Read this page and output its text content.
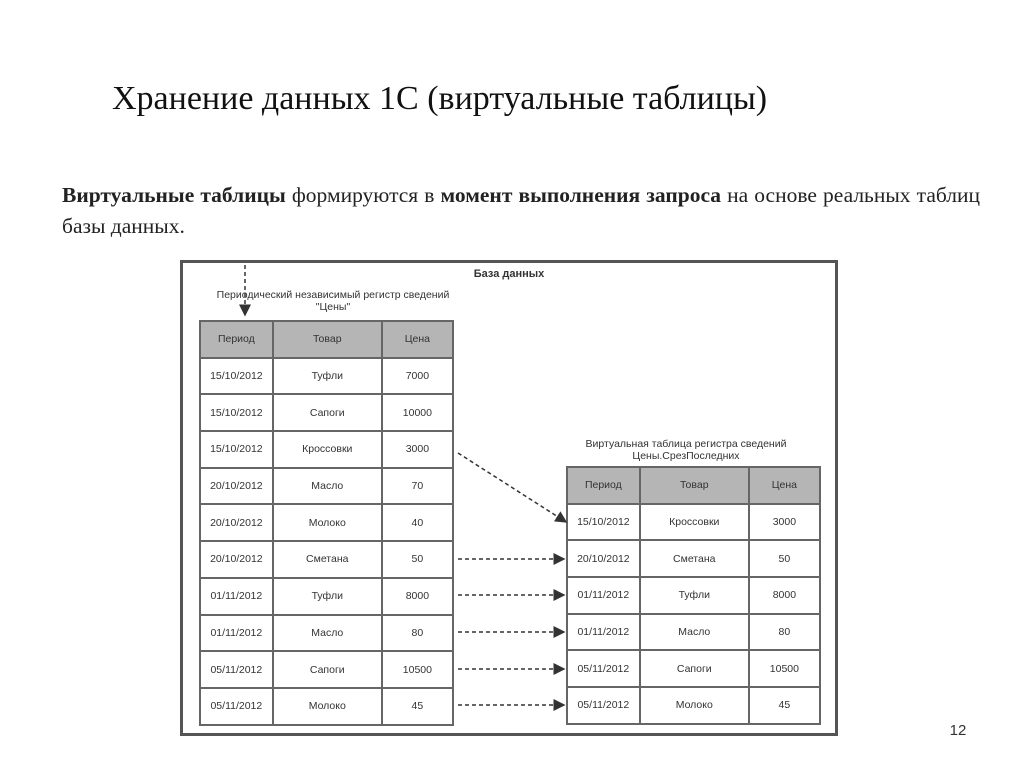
Хранение данных 1С (виртуальные таблицы)
Виртуальные таблицы формируются в момент выполнения запроса на основе реальных таблиц базы данных.
База данных
Периодический независимый регистр сведений
"Цены"
Виртуальная таблица регистра сведений
Цены.СрезПоследних
Период	Товар	Цена
15/10/2012	Туфли	7000
15/10/2012	Сапоги	10000
15/10/2012	Кроссовки	3000
20/10/2012	Масло	70
20/10/2012	Молоко	40
20/10/2012	Сметана	50
01/11/2012	Туфли	8000
01/11/2012	Масло	80
05/11/2012	Сапоги	10500
05/11/2012	Молоко	45
Период	Товар	Цена
15/10/2012	Кроссовки	3000
20/10/2012	Сметана	50
01/11/2012	Туфли	8000
01/11/2012	Масло	80
05/11/2012	Сапоги	10500
05/11/2012	Молоко	45
12
